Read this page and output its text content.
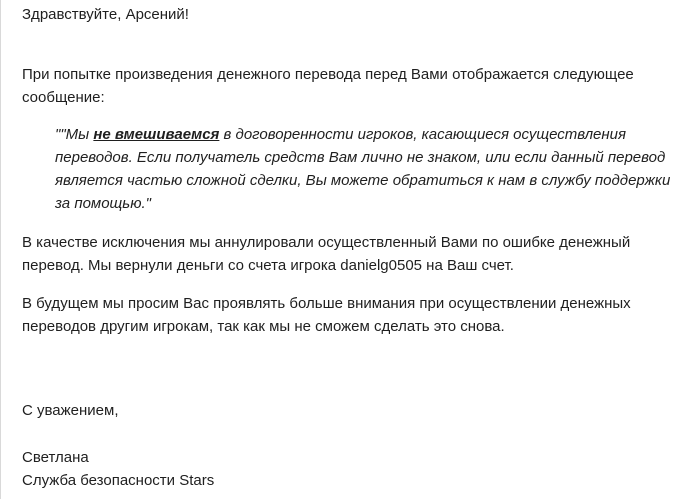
Здравствуйте, Арсений!
При попытке произведения денежного перевода перед Вами отображается следующее
сообщение:
""Мы не вмешиваемся в договоренности игроков, касающиеся осуществления
переводов. Если получатель средств Вам лично не знаком, или если данный перевод
является частью сложной сделки, Вы можете обратиться к нам в службу поддержки
за помощью."
В качестве исключения мы аннулировали осуществленный Вами по ошибке денежный
перевод. Мы вернули деньги со счета игрока danielg0505 на Ваш счет.
В будущем мы просим Вас проявлять больше внимания при осуществлении денежных
переводов другим игрокам, так как мы не сможем сделать это снова.
С уважением,
Светлана
Служба безопасности Stars
